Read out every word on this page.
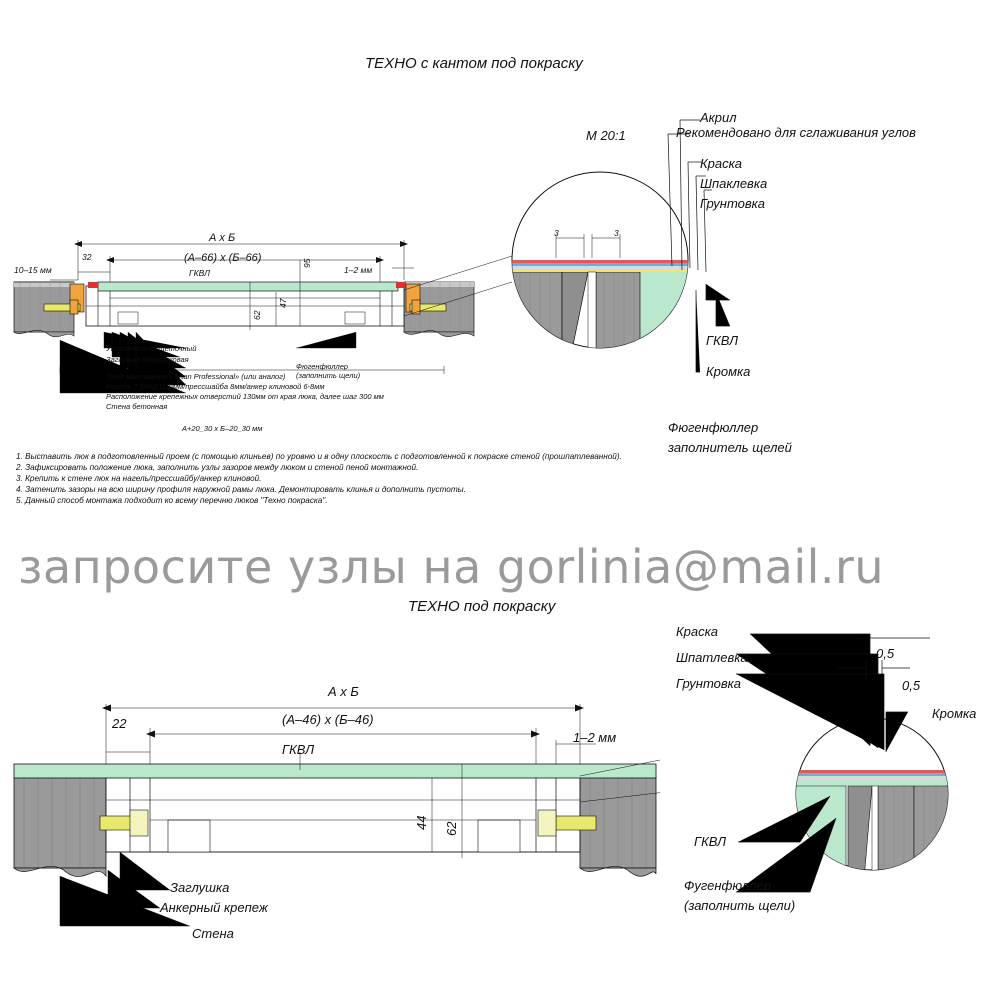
ТЕХНО с кантом под покраску
М 20:1
А х Б
(А–66) х (Б–66)
32
10–15 мм	1–2 мм
ГКВЛ
95
47
62
А+20_30 х Б–20_30 мм
Уплотнитель щеточный
Заглушка пластиковая
Пена монтажная «Tytan Professional» (или аналог)
Нагель 7,5х92(112)мм/прессшайба 8мм/анкер клиновой 6-8мм
Расположение крепежных отверстий 130мм от края люка, далее шаг 300 мм
Стена бетонная
Фюгенфюллер
(заполнить щели)
3	3
Акрил
Рекомендовано для сглаживания углов
Краска
Шпаклевка
Грунтовка
ГКВЛ
Кромка
Фюгенфюллер
заполнитель щелей
1. Выставить люк в подготовленный проем (с помощью клиньев) по уровню и в одну плоскость с подготовленной к покраске стеной (прошпатлеванной).
2. Зафиксировать положение люка, заполнить узлы зазоров между люком и стеной пеной монтажной.
3. Крепить к стене люк на нагель/прессшайбу/анкер клиновой.
4. Затенить зазоры на всю ширину профиля наружной рамы люка. Демонтировать клинья и дополнить пустоты.
5. Данный способ монтажа подходит ко всему перечню люков "Техно покраска".
запросите узлы на gorlinia@mail.ru
ТЕХНО под покраску
А х Б
(А–46) х (Б–46)
22
1–2 мм
ГКВЛ
44 62
Заглушка
Анкерный крепеж
Стена
Краска
Шпатлевка
Грунтовка
0,5
0,5
Кромка
ГКВЛ
Фугенфюллер
(заполнить щели)
